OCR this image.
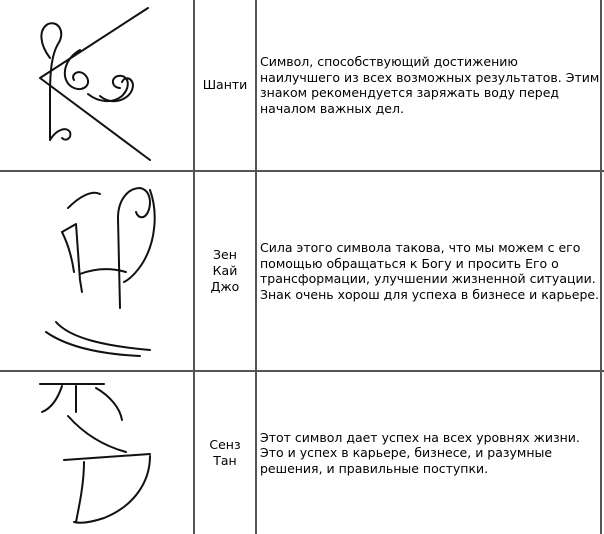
Шанти

Символ, способствующий достижению наилучшего из всех возможных результатов. Этим знаком рекомендуется заряжать воду перед началом важных дел.

Зен
Кай
Джо

Сила этого символа такова, что мы можем с его помощью обращаться к Богу и просить Его о трансформации, улучшении жизненной ситуации. Знак очень хорош для успеха в бизнесе и карьере.

Сенз
Тан

Этот символ дает успех на всех уровнях жизни. Это и успех в карьере, бизнесе, и разумные решения, и правильные поступки.
